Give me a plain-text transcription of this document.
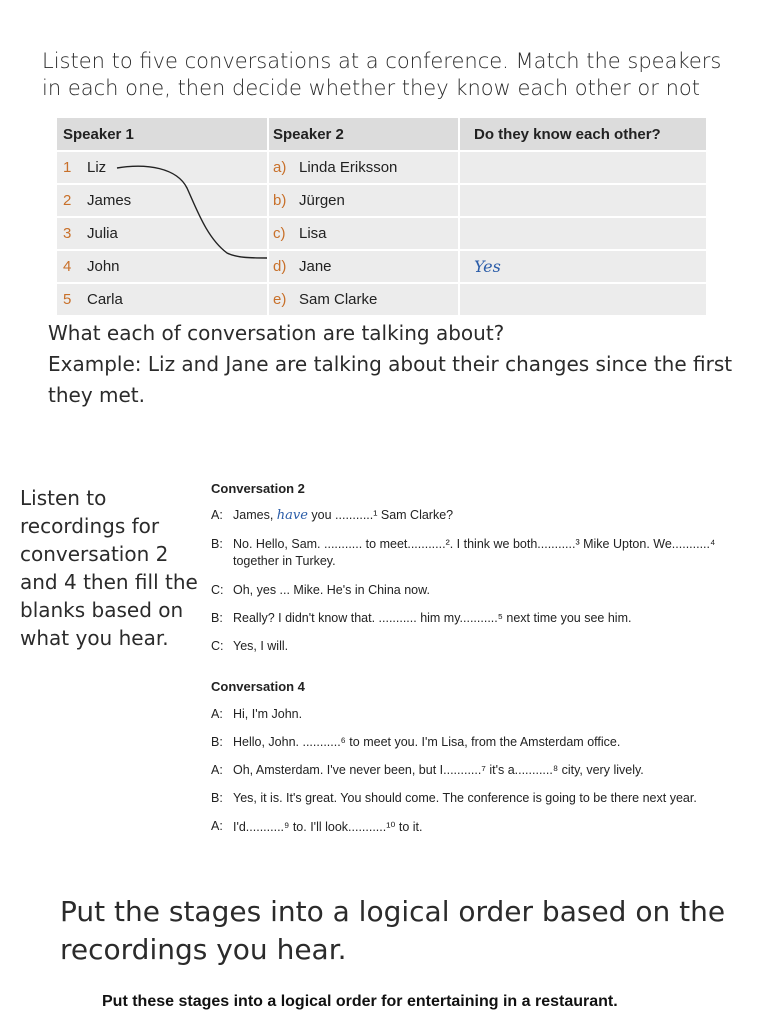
Listen to five conversations at a conference. Match the speakers in each one, then decide whether they know each other or not
Speaker 1	Speaker 2	Do they know each other?
1	Liz	a) Linda Eriksson
2	James	b) Jürgen
3	Julia	c) Lisa
4	John	d) Jane	Yes
5	Carla	e) Sam Clarke
What each of conversation are talking about?
Example: Liz and Jane are talking about their changes since the first they met.
Listen to recordings for conversation 2 and 4 then fill the blanks based on what you hear.

Conversation 2

A: James, have you ...........¹ Sam Clarke?
B: No. Hello, Sam. ........... to meet...........². I think we both...........³ Mike Upton. We...........⁴ together in Turkey.
C: Oh, yes ... Mike. He's in China now.
B: Really? I didn't know that. ........... him my...........⁵ next time you see him.
C: Yes, I will.

Conversation 4

A: Hi, I'm John.
B: Hello, John. ...........⁶ to meet you. I'm Lisa, from the Amsterdam office.
A: Oh, Amsterdam. I've never been, but I...........⁷ it's a...........⁸ city, very lively.
B: Yes, it is. It's great. You should come. The conference is going to be there next year.
A: I'd...........⁹ to. I'll look...........¹⁰ to it.
Put the stages into a logical order based on the recordings you hear.
Put these stages into a logical order for entertaining in a restaurant.
